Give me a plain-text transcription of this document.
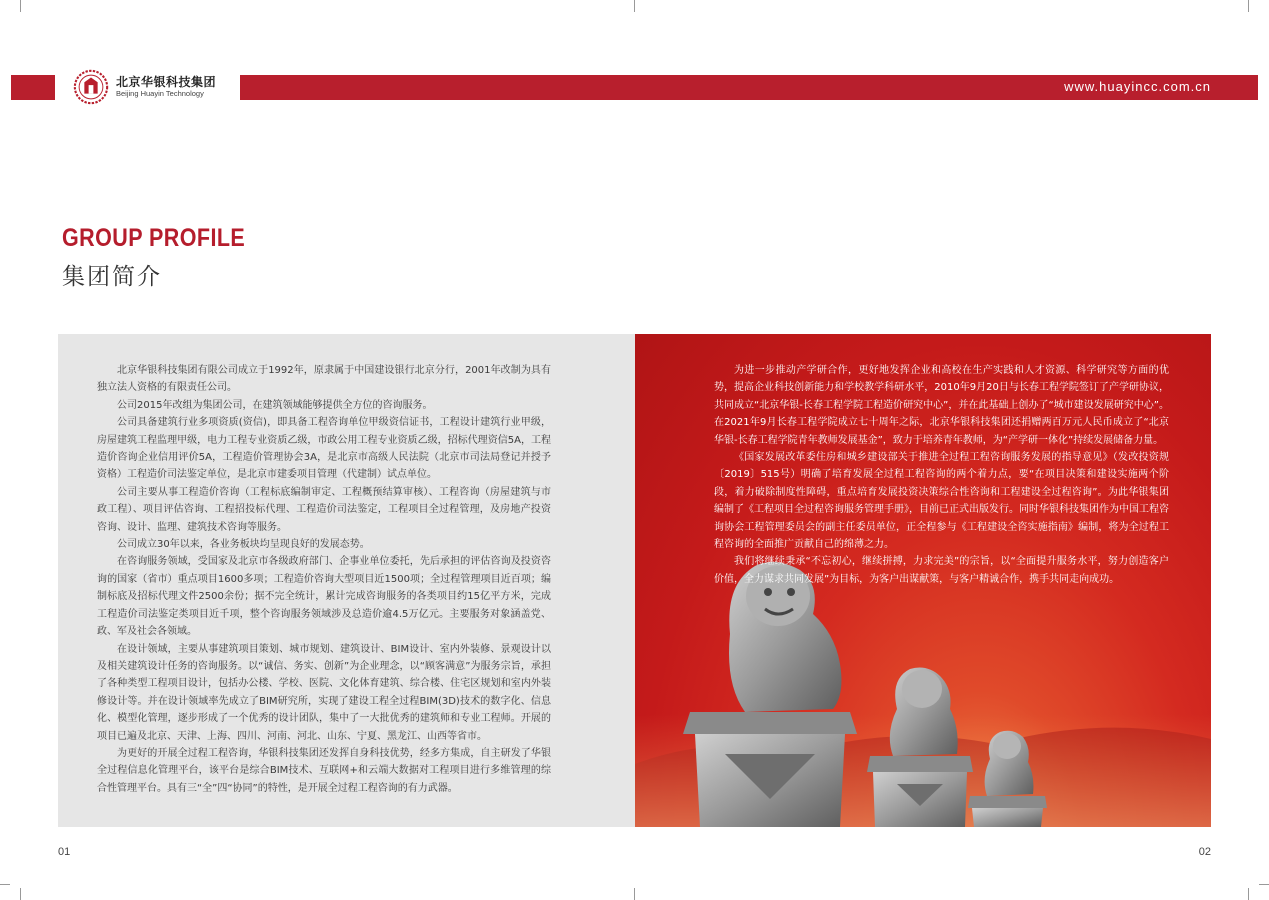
www.huayincc.com.cn
北京华银科技集团
Beijing Huayin Technology
GROUP PROFILE
集团简介

北京华银科技集团有限公司成立于1992年，原隶属于中国建设银行北京分行，2001年改制为具有独立法人资格的有限责任公司。

公司2015年改组为集团公司，在建筑领域能够提供全方位的咨询服务。

公司具备建筑行业多项资质(资信)，即具备工程咨询单位甲级资信证书，工程设计建筑行业甲级，房屋建筑工程监理甲级，电力工程专业资质乙级，市政公用工程专业资质乙级，招标代理资信5A，工程造价咨询企业信用评价5A，工程造价管理协会3A，是北京市高级人民法院（北京市司法局登记并授予资格）工程造价司法鉴定单位，是北京市建委项目管理（代建制）试点单位。

公司主要从事工程造价咨询（工程标底编制审定、工程概预结算审核）、工程咨询（房屋建筑与市政工程）、项目评估咨询、工程招投标代理、工程造价司法鉴定，工程项目全过程管理，及房地产投资咨询、设计、监理、建筑技术咨询等服务。

公司成立30年以来，各业务板块均呈现良好的发展态势。

在咨询服务领域，受国家及北京市各级政府部门、企事业单位委托，先后承担的评估咨询及投资咨询的国家（省市）重点项目1600多项；工程造价咨询大型项目近1500项；全过程管理项目近百项；编制标底及招标代理文件2500余份；据不完全统计，累计完成咨询服务的各类项目约15亿平方米，完成工程造价司法鉴定类项目近千项，整个咨询服务领域涉及总造价逾4.5万亿元。主要服务对象涵盖党、政、军及社会各领域。

在设计领域，主要从事建筑项目策划、城市规划、建筑设计、BIM设计、室内外装修、景观设计以及相关建筑设计任务的咨询服务。以“诚信、务实、创新”为企业理念，以“顾客满意”为服务宗旨，承担了各种类型工程项目设计，包括办公楼、学校、医院、文化体育建筑、综合楼、住宅区规划和室内外装修设计等。并在设计领域率先成立了BIM研究所，实现了建设工程全过程BIM(3D)技术的数字化、信息化、模型化管理，逐步形成了一个优秀的设计团队，集中了一大批优秀的建筑师和专业工程师。开展的项目已遍及北京、天津、上海、四川、河南、河北、山东、宁夏、黑龙江、山西等省市。

为更好的开展全过程工程咨询，华银科技集团还发挥自身科技优势，经多方集成，自主研发了华银全过程信息化管理平台，该平台是综合BIM技术、互联网+和云端大数据对工程项目进行多维管理的综合性管理平台。具有三“全”四“协同”的特性，是开展全过程工程咨询的有力武器。

为进一步推动产学研合作，更好地发挥企业和高校在生产实践和人才资源、科学研究等方面的优势，提高企业科技创新能力和学校教学科研水平，2010年9月20日与长春工程学院签订了产学研协议，共同成立“北京华银-长春工程学院工程造价研究中心”，并在此基础上创办了“城市建设发展研究中心”。在2021年9月长春工程学院成立七十周年之际，北京华银科技集团还捐赠两百万元人民币成立了“北京华银-长春工程学院青年教师发展基金”，致力于培养青年教师，为“产学研一体化”持续发展储备力量。

《国家发展改革委住房和城乡建设部关于推进全过程工程咨询服务发展的指导意见》（发改投资规〔2019〕515号）明确了培育发展全过程工程咨询的两个着力点，要“在项目决策和建设实施两个阶段，着力破除制度性障碍，重点培育发展投资决策综合性咨询和工程建设全过程咨询”。为此华银集团编制了《工程项目全过程咨询服务管理手册》，目前已正式出版发行。同时华银科技集团作为中国工程咨询协会工程管理委员会的副主任委员单位，正全程参与《工程建设全咨实施指南》编制，将为全过程工程咨询的全面推广贡献自己的绵薄之力。

我们将继续秉承“不忘初心，继续拼搏，力求完美”的宗旨，以“全面提升服务水平，努力创造客户价值，全力谋求共同发展”为目标，为客户出谋献策，与客户精诚合作，携手共同走向成功。

01	02
